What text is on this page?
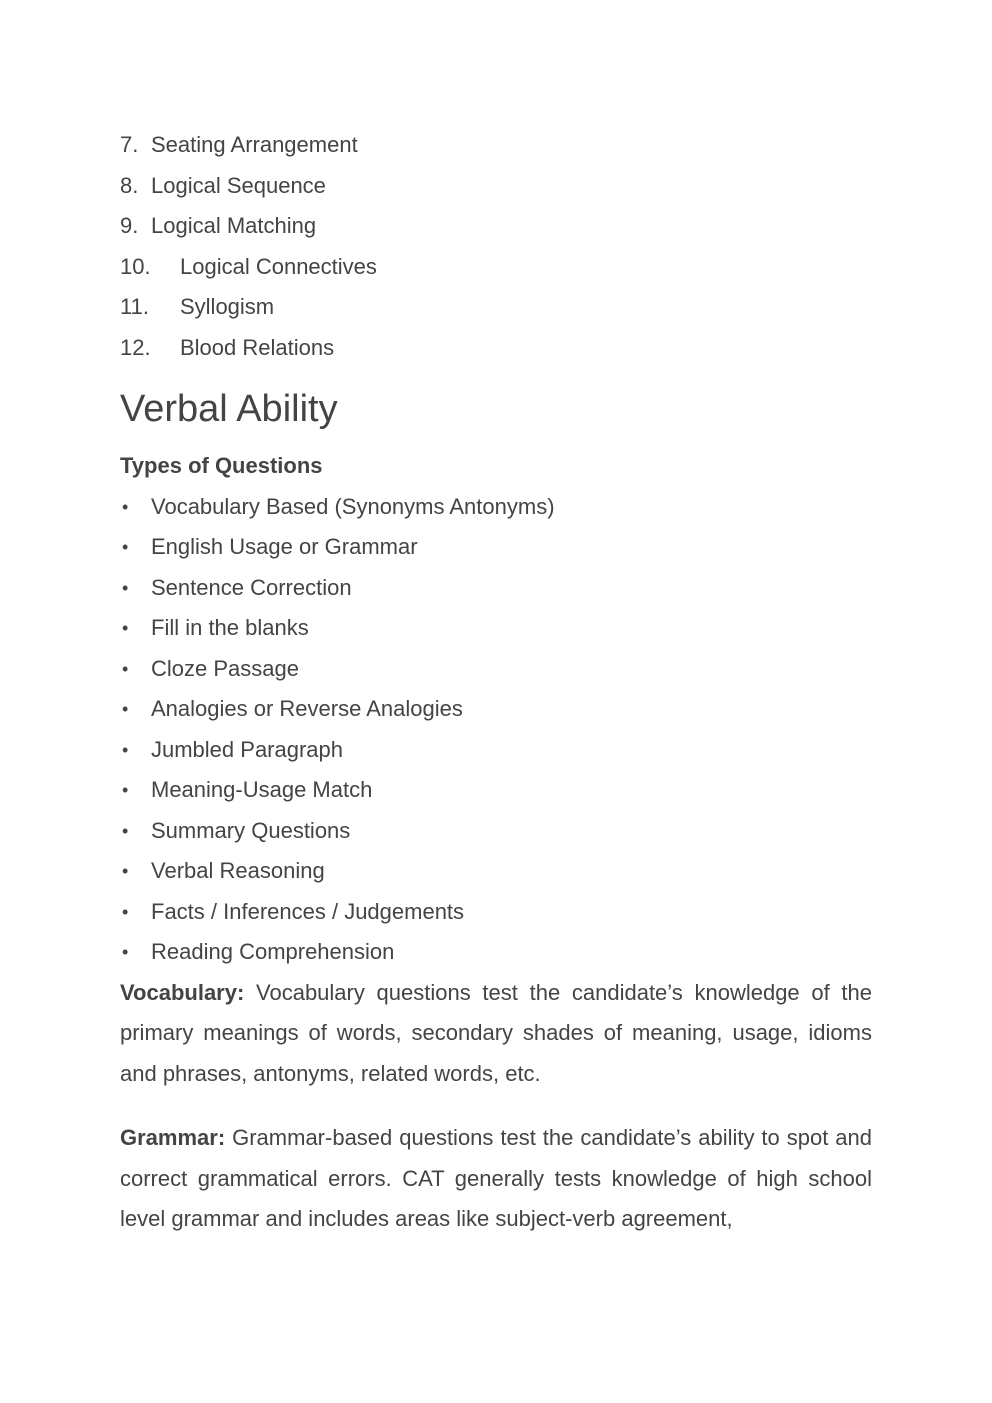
7. Seating Arrangement
8. Logical Sequence
9. Logical Matching
10. Logical Connectives
11. Syllogism
12. Blood Relations
Verbal Ability
Types of Questions
• Vocabulary Based (Synonyms Antonyms)
• English Usage or Grammar
• Sentence Correction
• Fill in the blanks
• Cloze Passage
• Analogies or Reverse Analogies
• Jumbled Paragraph
• Meaning-Usage Match
• Summary Questions
• Verbal Reasoning
• Facts / Inferences / Judgements
• Reading Comprehension

Vocabulary: Vocabulary questions test the candidate’s knowledge of the primary meanings of words, secondary shades of meaning, usage, idioms and phrases, antonyms, related words, etc.

Grammar: Grammar-based questions test the candidate’s ability to spot and correct grammatical errors. CAT generally tests knowledge of high school level grammar and includes areas like subject-verb agreement,
